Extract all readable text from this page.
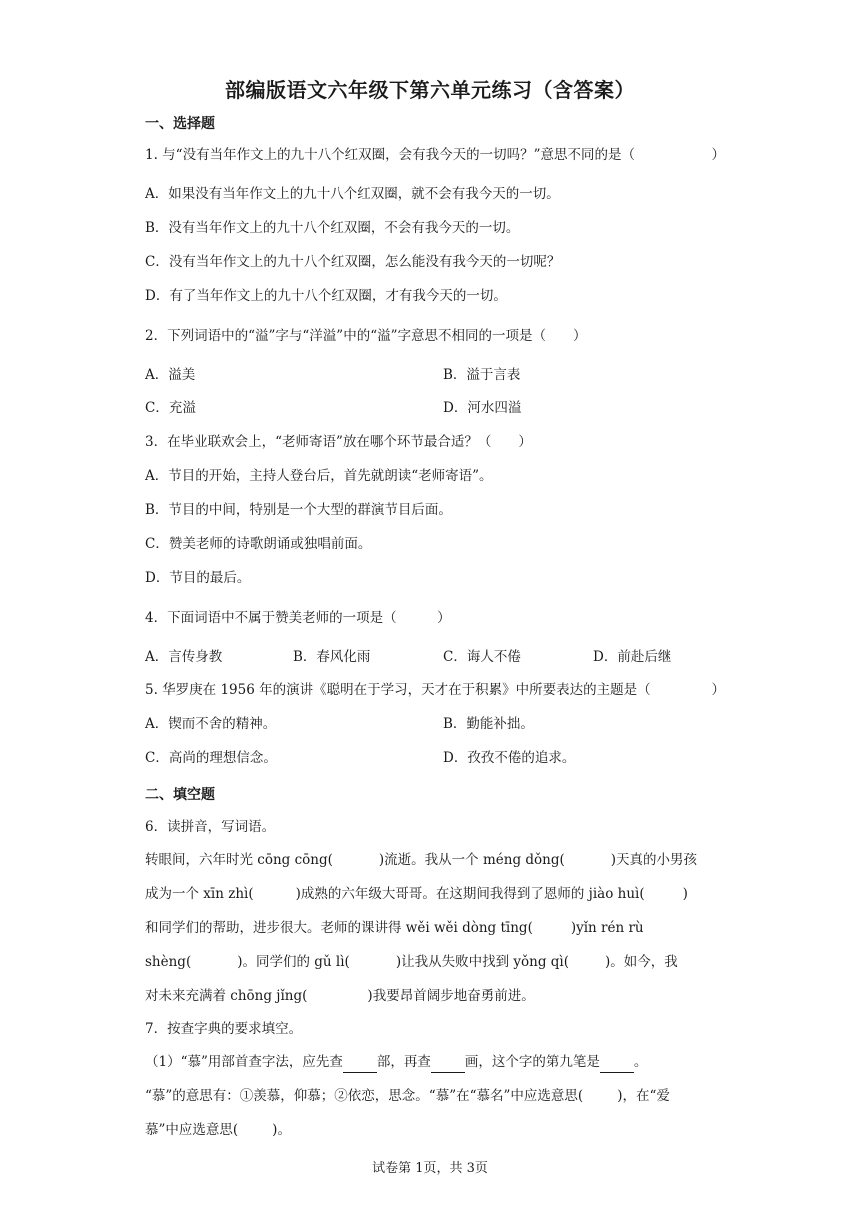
部编版语文六年级下第六单元练习（含答案）
一、选择题
1. 与“没有当年作文上的九十八个红双圈，会有我今天的一切吗？”意思不同的是（	）
A．如果没有当年作文上的九十八个红双圈，就不会有我今天的一切。
B．没有当年作文上的九十八个红双圈，不会有我今天的一切。
C．没有当年作文上的九十八个红双圈，怎么能没有我今天的一切呢？
D．有了当年作文上的九十八个红双圈，才有我今天的一切。
2．下列词语中的“溢”字与“洋溢”中的“溢”字意思不相同的一项是（　　）
A．溢美	B．溢于言表
C．充溢	D．河水四溢
3．在毕业联欢会上，“老师寄语”放在哪个环节最合适？（　　）
A．节目的开始，主持人登台后，首先就朗读“老师寄语”。
B．节目的中间，特别是一个大型的群演节目后面。
C．赞美老师的诗歌朗诵或独唱前面。
D．节目的最后。
4．下面词语中不属于赞美老师的一项是（　　　）
A．言传身教	B．春风化雨	C．诲人不倦	D．前赴后继
5. 华罗庚在 1956 年的演讲《聪明在于学习，天才在于积累》中所要表达的主题是（	）
A．锲而不舍的精神。	B．勤能补拙。
C．高尚的理想信念。	D．孜孜不倦的追求。
二、填空题
6．读拼音，写词语。
转眼间，六年时光 cōng cōng(	)流逝。我从一个 méng dǒng(	)天真的小男孩
成为一个 xīn zhì(	)成熟的六年级大哥哥。在这期间我得到了恩师的 jiào huì(	)
和同学们的帮助，进步很大。老师的课讲得 wěi wěi dòng tīng(	)yǐn rén rù
shèng(	)。同学们的 gǔ lì(	)让我从失败中找到 yǒng qì(	)。如今，我
对未来充满着 chōng jǐng(	)我要昂首阔步地奋勇前进。
7．按查字典的要求填空。
（1）“慕”用部首查字法，应先查	部，再查	画，这个字的第九笔是	。
“慕”的意思有：①羡慕，仰慕；②依恋，思念。“慕”在“慕名”中应选意思(	)，在“爱
慕”中应选意思(	)。
试卷第 1页，共 3页
